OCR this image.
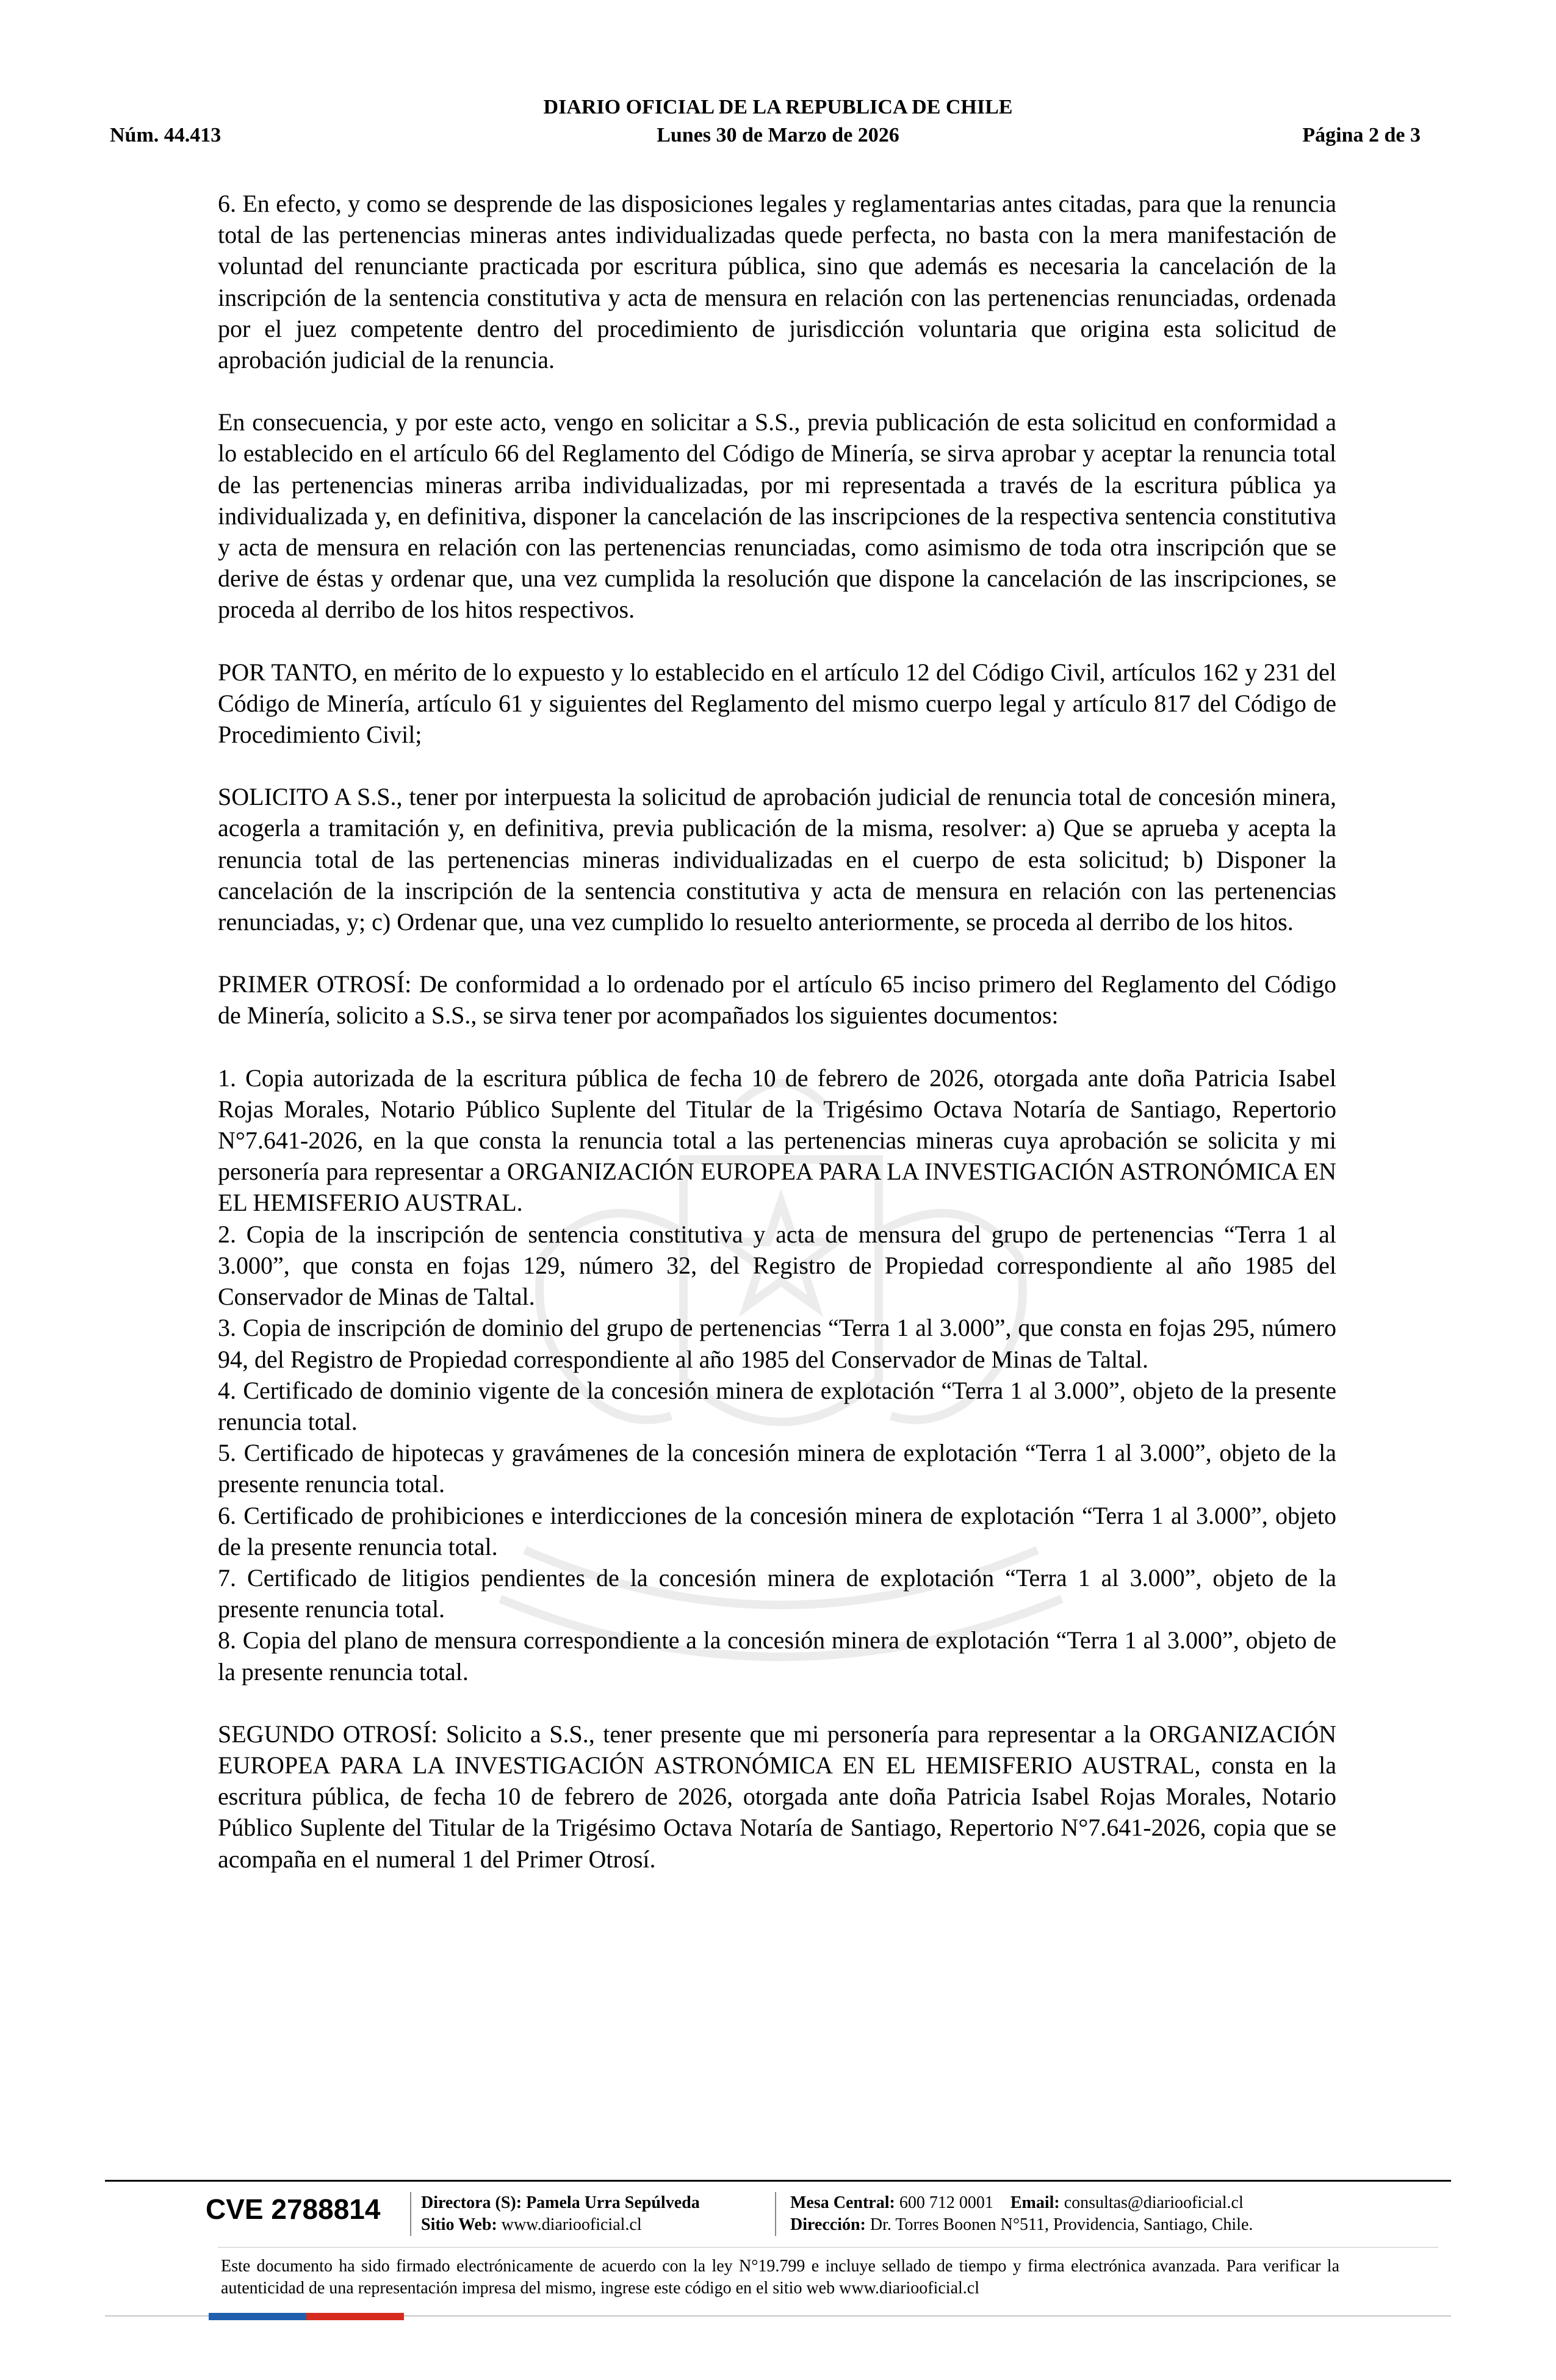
DIARIO OFICIAL DE LA REPUBLICA DE CHILE
Núm. 44.413	Lunes 30 de Marzo de 2026	Página 2 de 3

6. En efecto, y como se desprende de las disposiciones legales y reglamentarias antes citadas, para que la renuncia total de las pertenencias mineras antes individualizadas quede perfecta, no basta con la mera manifestación de voluntad del renunciante practicada por escritura pública, sino que además es necesaria la cancelación de la inscripción de la sentencia constitutiva y acta de mensura en relación con las pertenencias renunciadas, ordenada por el juez competente dentro del procedimiento de jurisdicción voluntaria que origina esta solicitud de aprobación judicial de la renuncia.

En consecuencia, y por este acto, vengo en solicitar a S.S., previa publicación de esta solicitud en conformidad a lo establecido en el artículo 66 del Reglamento del Código de Minería, se sirva aprobar y aceptar la renuncia total de las pertenencias mineras arriba individualizadas, por mi representada a través de la escritura pública ya individualizada y, en definitiva, disponer la cancelación de las inscripciones de la respectiva sentencia constitutiva y acta de mensura en relación con las pertenencias renunciadas, como asimismo de toda otra inscripción que se derive de éstas y ordenar que, una vez cumplida la resolución que dispone la cancelación de las inscripciones, se proceda al derribo de los hitos respectivos.

POR TANTO, en mérito de lo expuesto y lo establecido en el artículo 12 del Código Civil, artículos 162 y 231 del Código de Minería, artículo 61 y siguientes del Reglamento del mismo cuerpo legal y artículo 817 del Código de Procedimiento Civil;

SOLICITO A S.S., tener por interpuesta la solicitud de aprobación judicial de renuncia total de concesión minera, acogerla a tramitación y, en definitiva, previa publicación de la misma, resolver: a) Que se aprueba y acepta la renuncia total de las pertenencias mineras individualizadas en el cuerpo de esta solicitud; b) Disponer la cancelación de la inscripción de la sentencia constitutiva y acta de mensura en relación con las pertenencias renunciadas, y; c) Ordenar que, una vez cumplido lo resuelto anteriormente, se proceda al derribo de los hitos.

PRIMER OTROSÍ: De conformidad a lo ordenado por el artículo 65 inciso primero del Reglamento del Código de Minería, solicito a S.S., se sirva tener por acompañados los siguientes documentos:

1. Copia autorizada de la escritura pública de fecha 10 de febrero de 2026, otorgada ante doña Patricia Isabel Rojas Morales, Notario Público Suplente del Titular de la Trigésimo Octava Notaría de Santiago, Repertorio N°7.641-2026, en la que consta la renuncia total a las pertenencias mineras cuya aprobación se solicita y mi personería para representar a ORGANIZACIÓN EUROPEA PARA LA INVESTIGACIÓN ASTRONÓMICA EN EL HEMISFERIO AUSTRAL.

2. Copia de la inscripción de sentencia constitutiva y acta de mensura del grupo de pertenencias “Terra 1 al 3.000”, que consta en fojas 129, número 32, del Registro de Propiedad correspondiente al año 1985 del Conservador de Minas de Taltal.

3. Copia de inscripción de dominio del grupo de pertenencias “Terra 1 al 3.000”, que consta en fojas 295, número 94, del Registro de Propiedad correspondiente al año 1985 del Conservador de Minas de Taltal.

4. Certificado de dominio vigente de la concesión minera de explotación “Terra 1 al 3.000”, objeto de la presente renuncia total.

5. Certificado de hipotecas y gravámenes de la concesión minera de explotación “Terra 1 al 3.000”, objeto de la presente renuncia total.

6. Certificado de prohibiciones e interdicciones de la concesión minera de explotación “Terra 1 al 3.000”, objeto de la presente renuncia total.

7. Certificado de litigios pendientes de la concesión minera de explotación “Terra 1 al 3.000”, objeto de la presente renuncia total.

8. Copia del plano de mensura correspondiente a la concesión minera de explotación “Terra 1 al 3.000”, objeto de la presente renuncia total.

SEGUNDO OTROSÍ: Solicito a S.S., tener presente que mi personería para representar a la ORGANIZACIÓN EUROPEA PARA LA INVESTIGACIÓN ASTRONÓMICA EN EL HEMISFERIO AUSTRAL, consta en la escritura pública, de fecha 10 de febrero de 2026, otorgada ante doña Patricia Isabel Rojas Morales, Notario Público Suplente del Titular de la Trigésimo Octava Notaría de Santiago, Repertorio N°7.641-2026, copia que se acompaña en el numeral 1 del Primer Otrosí.

CVE 2788814 Directora (S): Pamela Urra Sepúlveda
Sitio Web: www.diariooficial.cl
Mesa Central: 600 712 0001 Email: consultas@diariooficial.cl
Dirección: Dr. Torres Boonen N°511, Providencia, Santiago, Chile.
Este documento ha sido firmado electrónicamente de acuerdo con la ley N°19.799 e incluye sellado de tiempo y firma electrónica avanzada. Para verificar la autenticidad de una representación impresa del mismo, ingrese este código en el sitio web www.diariooficial.cl
